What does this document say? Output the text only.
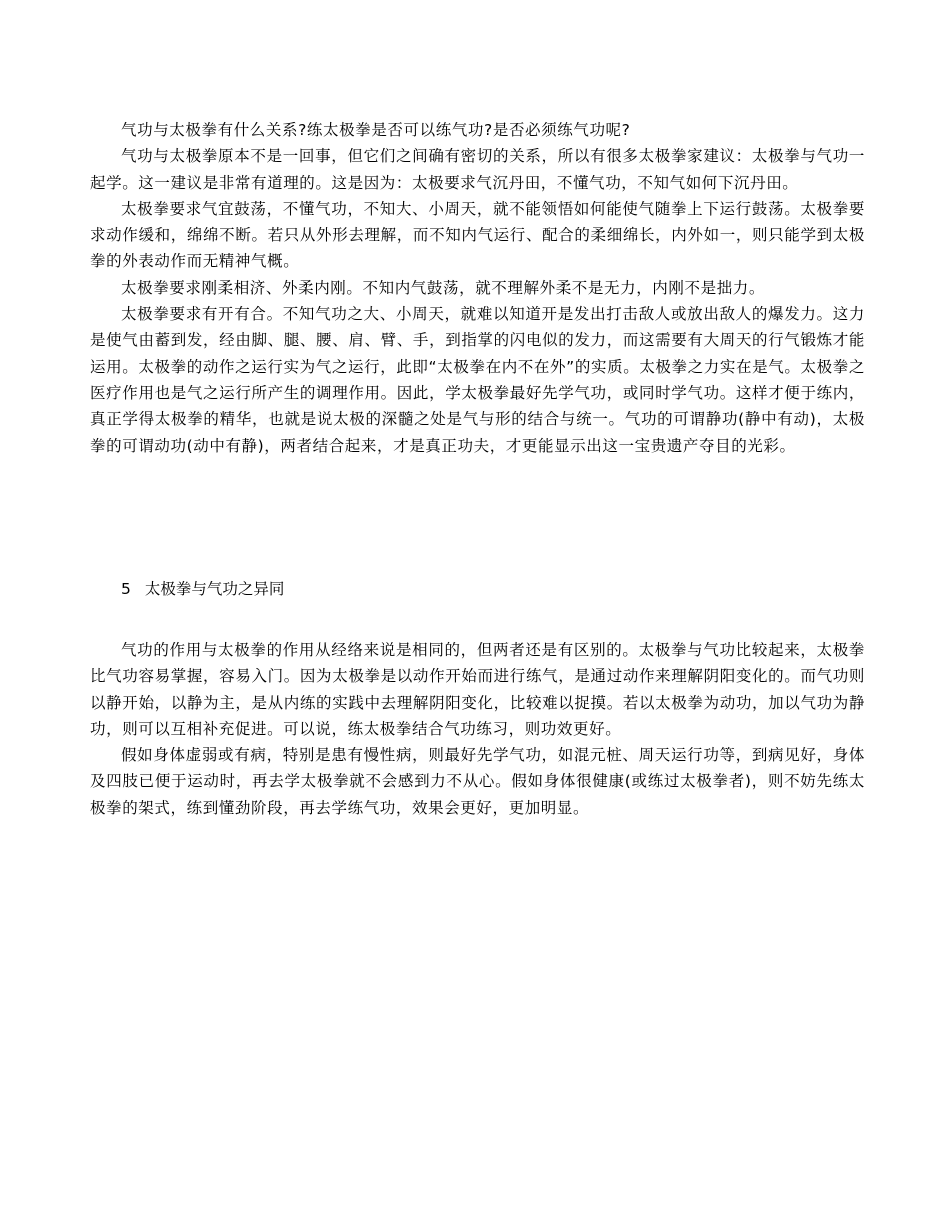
气功与太极拳有什么关系?练太极拳是否可以练气功?是否必须练气功呢?

气功与太极拳原本不是一回事，但它们之间确有密切的关系，所以有很多太极拳家建议：太极拳与气功一起学。这一建议是非常有道理的。这是因为：太极要求气沉丹田，不懂气功，不知气如何下沉丹田。

太极拳要求气宜鼓荡，不懂气功，不知大、小周天，就不能领悟如何能使气随拳上下运行鼓荡。太极拳要求动作缓和，绵绵不断。若只从外形去理解，而不知内气运行、配合的柔细绵长，内外如一，则只能学到太极拳的外表动作而无精神气概。

太极拳要求刚柔相济、外柔内刚。不知内气鼓荡，就不理解外柔不是无力，内刚不是拙力。

太极拳要求有开有合。不知气功之大、小周天，就难以知道开是发出打击敌人或放出敌人的爆发力。这力是使气由蓄到发，经由脚、腿、腰、肩、臂、手，到指掌的闪电似的发力，而这需要有大周天的行气锻炼才能运用。太极拳的动作之运行实为气之运行，此即“太极拳在内不在外”的实质。太极拳之力实在是气。太极拳之医疗作用也是气之运行所产生的调理作用。因此，学太极拳最好先学气功，或同时学气功。这样才便于练内，真正学得太极拳的精华，也就是说太极的深髓之处是气与形的结合与统一。气功的可谓静功(静中有动)，太极拳的可谓动功(动中有静)，两者结合起来，才是真正功夫，才更能显示出这一宝贵遗产夺目的光彩。

5 太极拳与气功之异同

气功的作用与太极拳的作用从经络来说是相同的，但两者还是有区别的。太极拳与气功比较起来，太极拳比气功容易掌握，容易入门。因为太极拳是以动作开始而进行练气，是通过动作来理解阴阳变化的。而气功则以静开始，以静为主，是从内练的实践中去理解阴阳变化，比较难以捉摸。若以太极拳为动功，加以气功为静功，则可以互相补充促进。可以说，练太极拳结合气功练习，则功效更好。

假如身体虚弱或有病，特别是患有慢性病，则最好先学气功，如混元桩、周天运行功等，到病见好，身体及四肢已便于运动时，再去学太极拳就不会感到力不从心。假如身体很健康(或练过太极拳者)，则不妨先练太极拳的架式，练到懂劲阶段，再去学练气功，效果会更好，更加明显。
